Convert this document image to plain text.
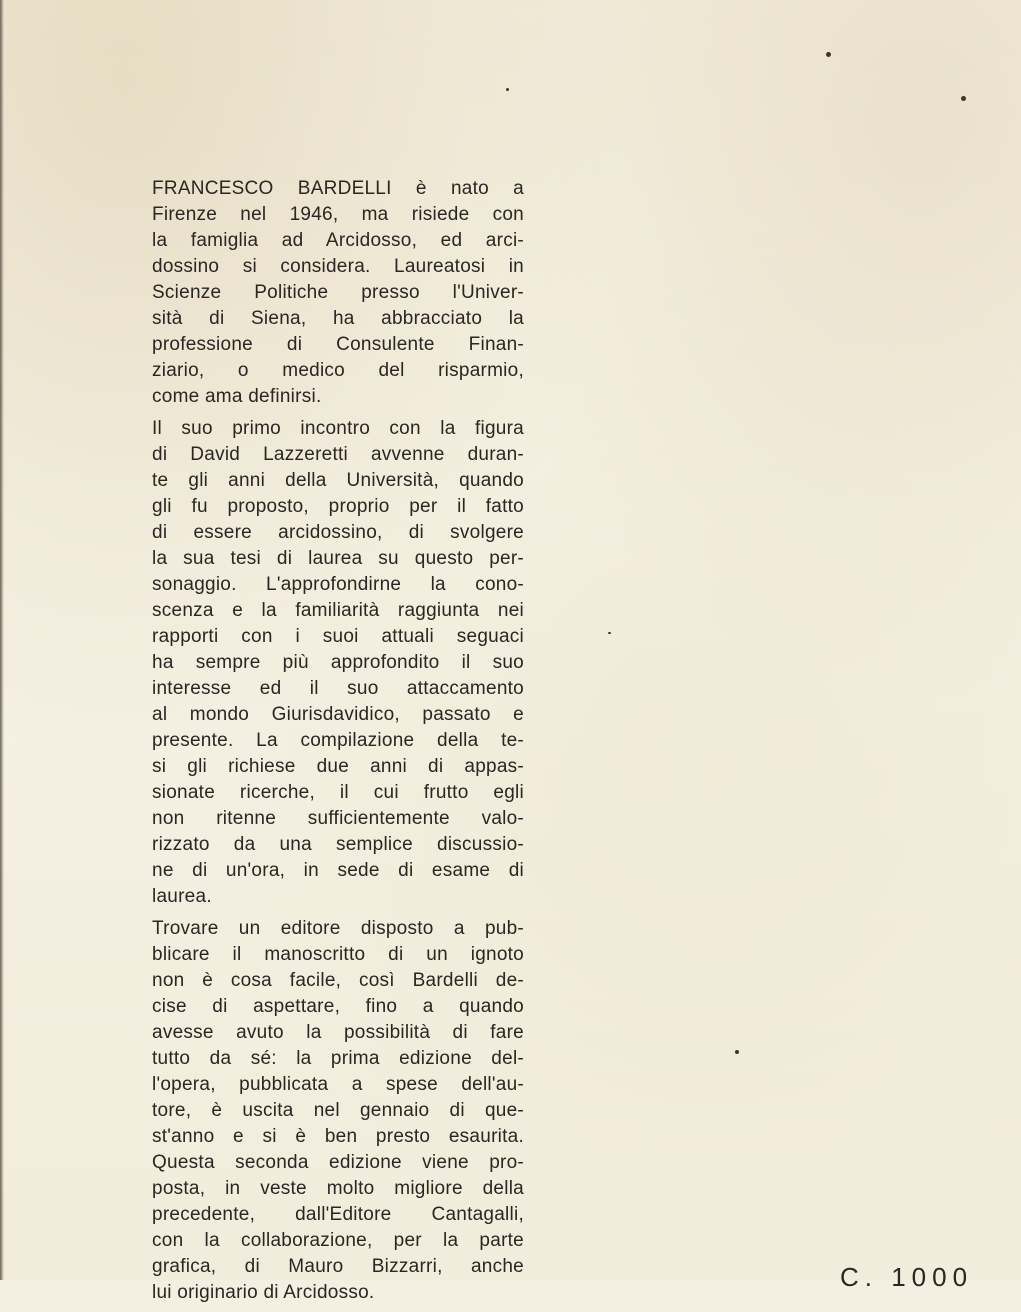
FRANCESCO BARDELLI è nato a
Firenze nel 1946, ma risiede con
la famiglia ad Arcidosso, ed arci-
dossino si considera. Laureatosi in
Scienze Politiche presso l'Univer-
sità di Siena, ha abbracciato la
professione di Consulente Finan-
ziario, o medico del risparmio,
come ama definirsi.
Il suo primo incontro con la figura
di David Lazzeretti avvenne duran-
te gli anni della Università, quando
gli fu proposto, proprio per il fatto
di essere arcidossino, di svolgere
la sua tesi di laurea su questo per-
sonaggio. L'approfondirne la cono-
scenza e la familiarità raggiunta nei
rapporti con i suoi attuali seguaci
ha sempre più approfondito il suo
interesse ed il suo attaccamento
al mondo Giurisdavidico, passato e
presente. La compilazione della te-
si gli richiese due anni di appas-
sionate ricerche, il cui frutto egli
non ritenne sufficientemente valo-
rizzato da una semplice discussio-
ne di un'ora, in sede di esame di
laurea.
Trovare un editore disposto a pub-
blicare il manoscritto di un ignoto
non è cosa facile, così Bardelli de-
cise di aspettare, fino a quando
avesse avuto la possibilità di fare
tutto da sé: la prima edizione del-
l'opera, pubblicata a spese dell'au-
tore, è uscita nel gennaio di que-
st'anno e si è ben presto esaurita.
Questa seconda edizione viene pro-
posta, in veste molto migliore della
precedente, dall'Editore Cantagalli,
con la collaborazione, per la parte
grafica, di Mauro Bizzarri, anche
lui originario di Arcidosso.
C. 1000
